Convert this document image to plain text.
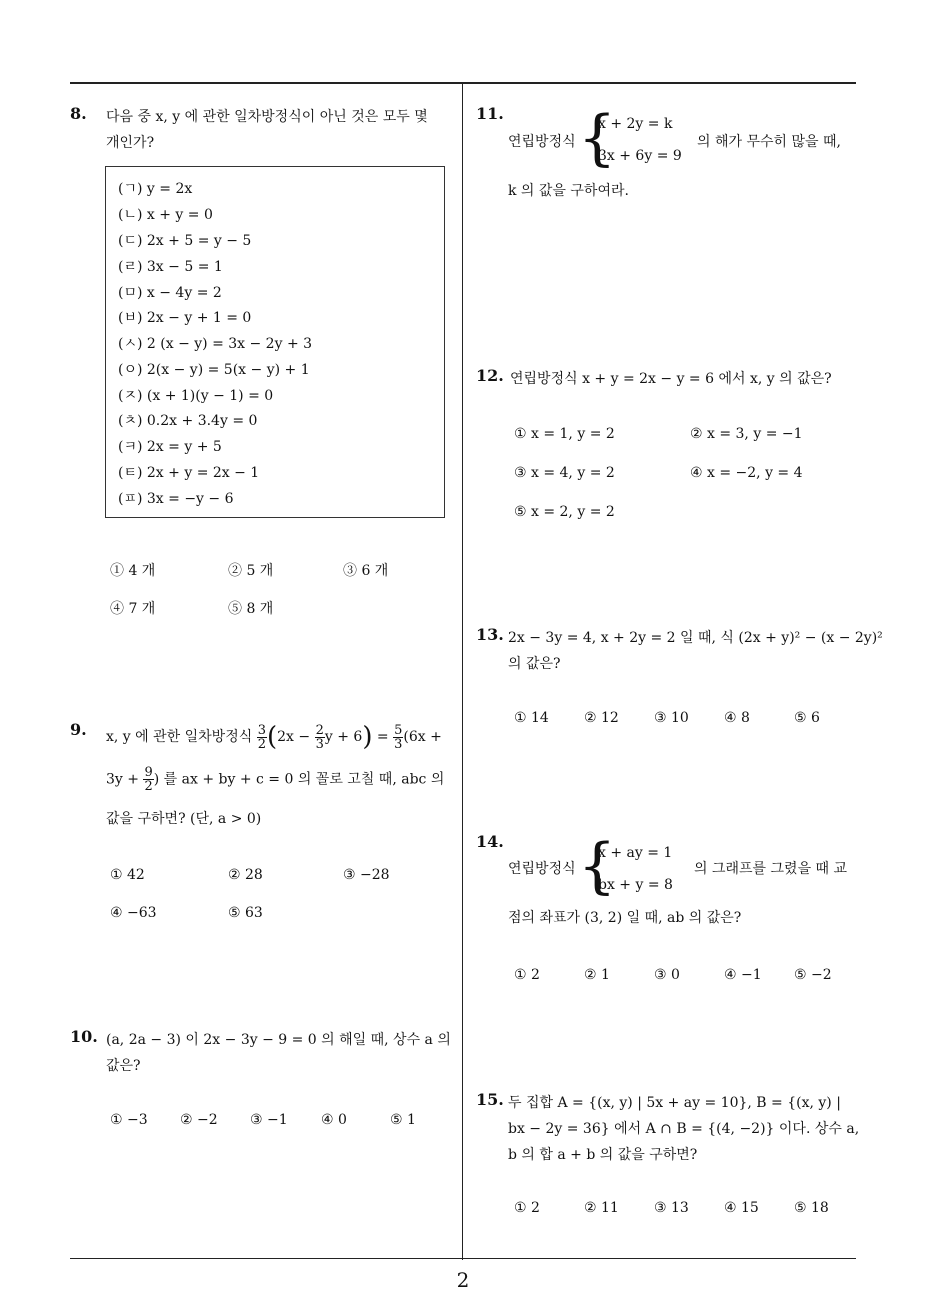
8. 다음 중 x, y 에 관한 일차방정식이 아닌 것은 모두 몇
개인가?
(ㄱ) y = 2x
(ㄴ) x + y = 0
(ㄷ) 2x + 5 = y − 5
(ㄹ) 3x − 5 = 1
(ㅁ) x − 4y = 2
(ㅂ) 2x − y + 1 = 0
(ㅅ) 2 (x − y) = 3x − 2y + 3
(ㅇ) 2(x − y) = 5(x − y) + 1
(ㅈ) (x + 1)(y − 1) = 0
(ㅊ) 0.2x + 3.4y = 0
(ㅋ) 2x = y + 5
(ㅌ) 2x + y = 2x − 1
(ㅍ) 3x = −y − 6
① 4 개	② 5 개	③ 6 개
④ 7 개	⑤ 8 개
9. x, y 에 관한 일차방정식 $\frac{3}{2} (2x - \frac{2}{3}$ $y + 6) = \frac{5}{3} (6x$ +
$3y + \frac{9}{2}$ ) 를 ax + by + c = 0 의 꼴로 고칠 때, abc 의
값을 구하면? (단, a > 0)
① 42	② 28	③ −28
④ −63	⑤ 63
10. (a, 2a − 3) 이 2x − 3y − 9 = 0 의 해일 때, 상수 a 의
값은?
① −3 ② −2 ③ −1 ④ 0	⑤ 1
11.
연립방정식 {
x + 2y = k
3x + 6y = 9
의 해가 무수히 많을 때,
k 의 값을 구하여라.
12. 연립방정식 x + y = 2x − y = 6 에서 x, y 의 값은?
① x = 1, y = 2	② x = 3, y = −1
③ x = 4, y = 2	④ x = −2, y = 4
⑤ x = 2, y = 2
13. 2x − 3y = 4, x + 2y = 2 일 때, 식 (2x + y)² − (x − 2y)²
의 값은?
① 14	② 12	③ 10	④ 8	⑤ 6
14.
연립방정식 {
x + ay = 1
bx + y = 8
의 그래프를 그렸을 때 교
점의 좌표가 (3, 2) 일 때, ab 의 값은?
① 2	② 1	③ 0	④ −1 ⑤ −2
15. 두 집합 A = {(x, y) | 5x + ay = 10}, B = {(x, y) |
bx − 2y = 36} 에서 A ∩ B = {(4, −2)} 이다. 상수 a,
b 의 합 a + b 의 값을 구하면?
① 2	② 11	③ 13	④ 15	⑤ 18
2
